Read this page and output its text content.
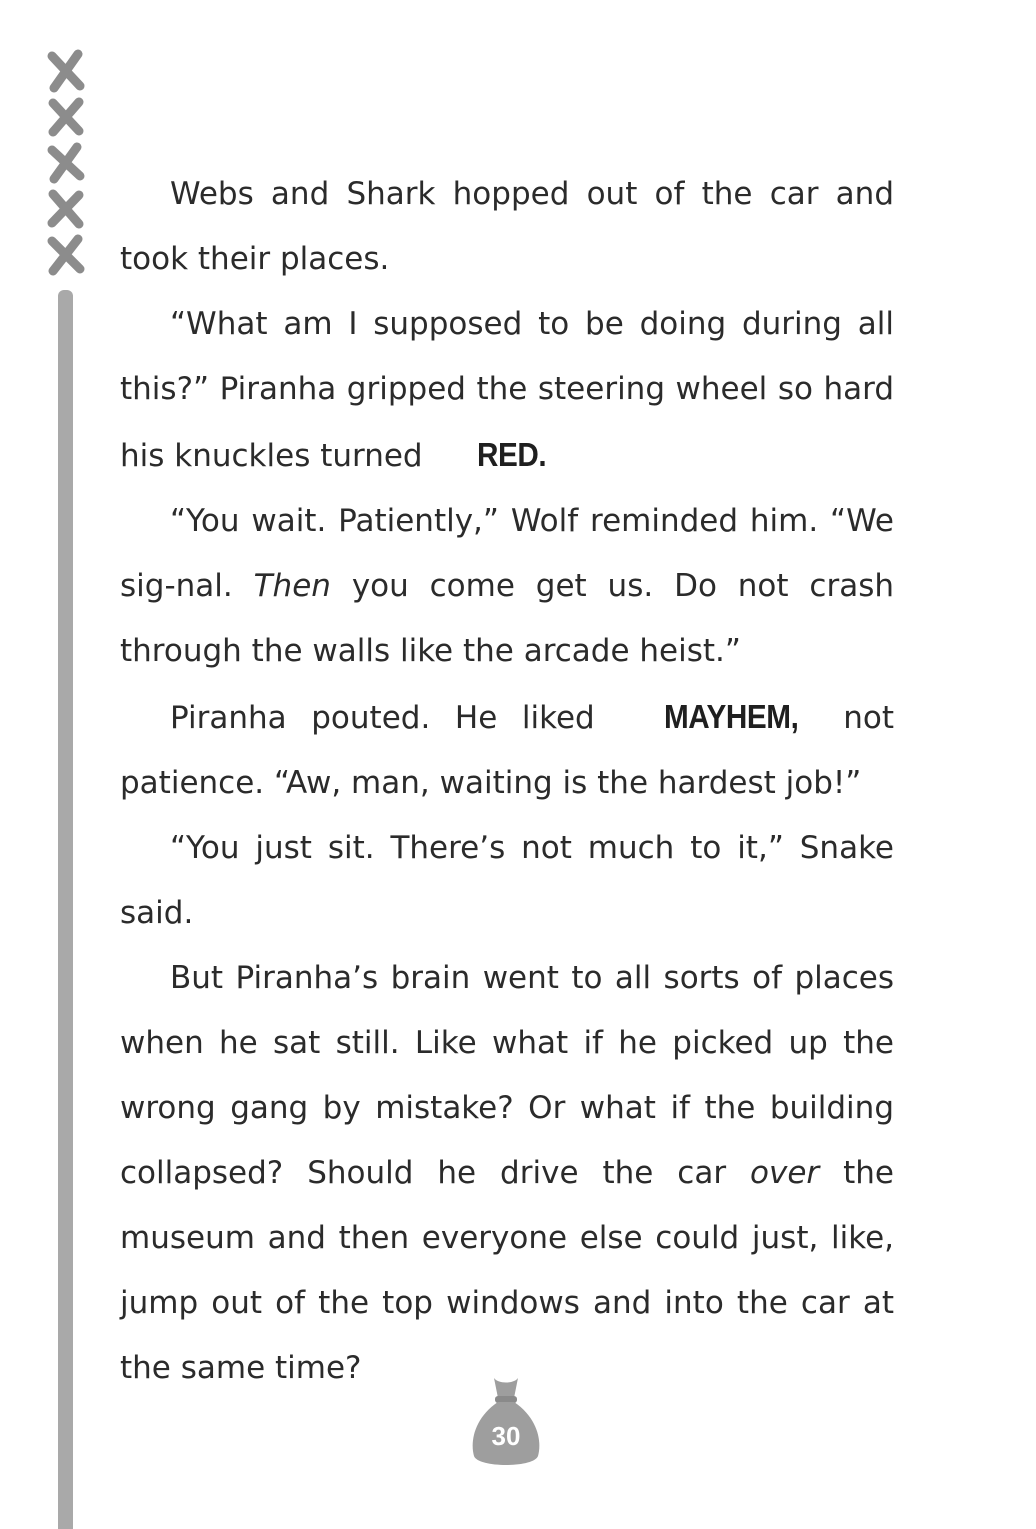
Webs and Shark hopped out of the car and took their places.

“What am I supposed to be doing during all this?” Piranha gripped the steering wheel so hard his knuckles turned RED.

“You wait. Patiently,” Wolf reminded him. “We sig-nal. Then you come get us. Do not crash through the walls like the arcade heist.”

Piranha pouted. He liked MAYHEM, not patience. “Aw, man, waiting is the hardest job!”

“You just sit. There’s not much to it,” Snake said.

But Piranha’s brain went to all sorts of places when he sat still. Like what if he picked up the wrong gang by mistake? Or what if the building collapsed? Should he drive the car over the museum and then everyone else could just, like, jump out of the top windows and into the car at the same time?

30
